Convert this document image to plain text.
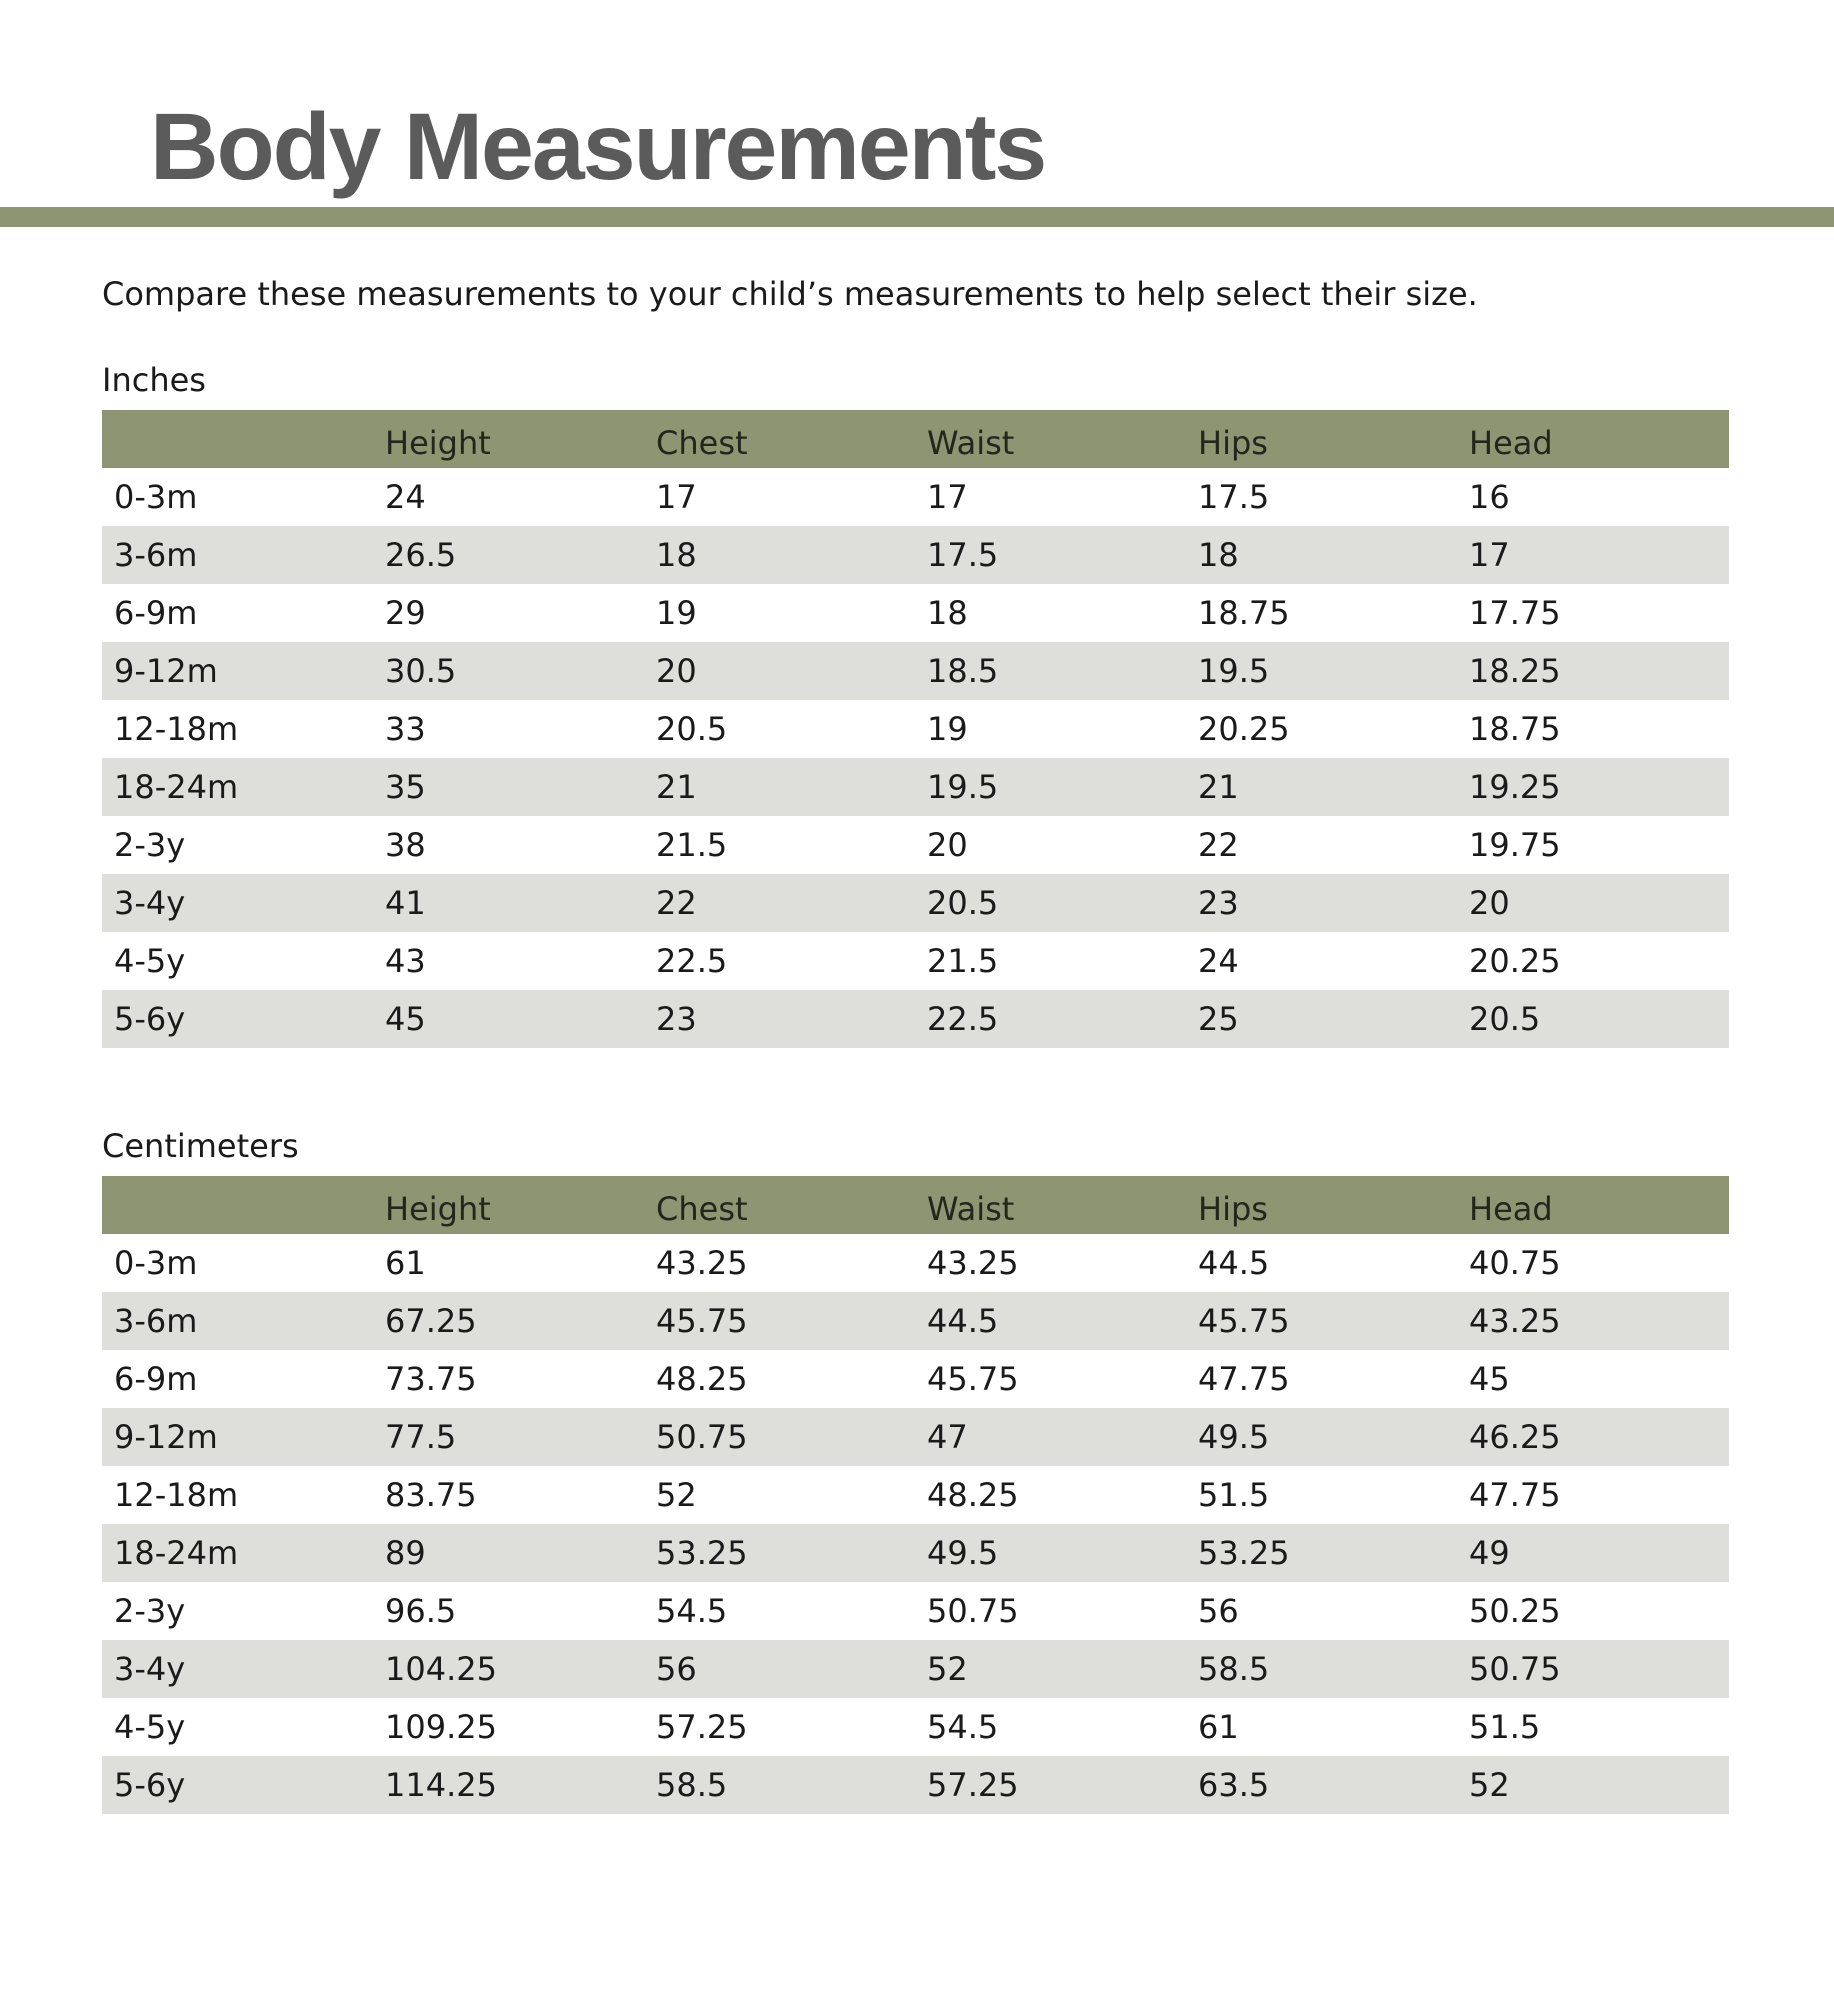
Body Measurements

Compare these measurements to your child’s measurements to help select their size.

Inches

	Height	Chest	Waist	Hips	Head
0-3m	24	17	17	17.5	16
3-6m	26.5	18	17.5	18	17
6-9m	29	19	18	18.75	17.75
9-12m	30.5	20	18.5	19.5	18.25
12-18m	33	20.5	19	20.25	18.75
18-24m	35	21	19.5	21	19.25
2-3y	38	21.5	20	22	19.75
3-4y	41	22	20.5	23	20
4-5y	43	22.5	21.5	24	20.25
5-6y	45	23	22.5	25	20.5

Centimeters

	Height	Chest	Waist	Hips	Head
0-3m	61	43.25	43.25	44.5	40.75
3-6m	67.25	45.75	44.5	45.75	43.25
6-9m	73.75	48.25	45.75	47.75	45
9-12m	77.5	50.75	47	49.5	46.25
12-18m	83.75	52	48.25	51.5	47.75
18-24m	89	53.25	49.5	53.25	49
2-3y	96.5	54.5	50.75	56	50.25
3-4y	104.25	56	52	58.5	50.75
4-5y	109.25	57.25	54.5	61	51.5
5-6y	114.25	58.5	57.25	63.5	52
